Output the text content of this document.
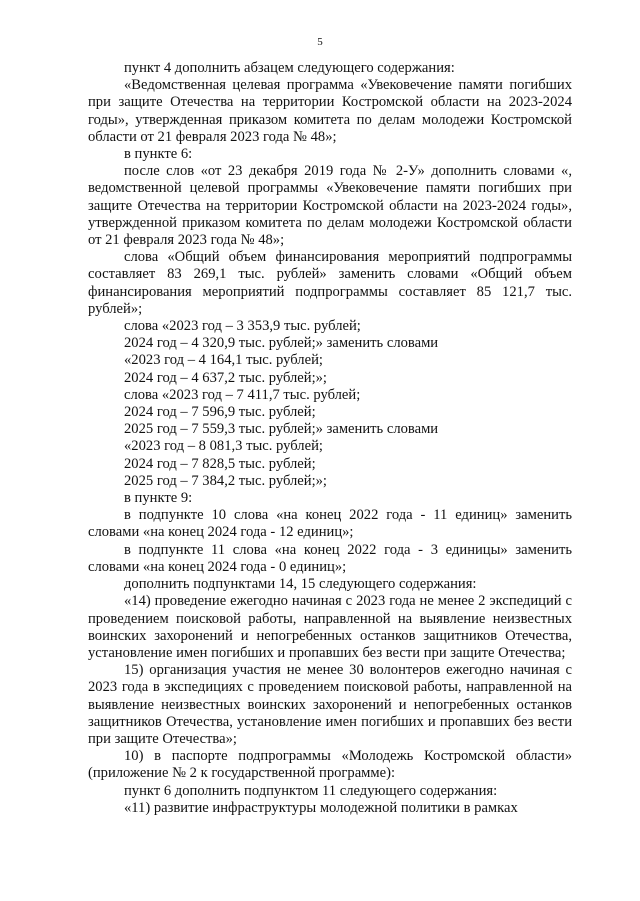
5

пункт 4 дополнить абзацем следующего содержания:

«Ведомственная целевая программа «Увековечение памяти погибших при защите Отечества на территории Костромской области на 2023-2024 годы», утвержденная приказом комитета по делам молодежи Костромской области от 21 февраля 2023 года № 48»;

в пункте 6:

после слов «от 23 декабря 2019 года № 2-У» дополнить словами «, ведомственной целевой программы «Увековечение памяти погибших при защите Отечества на территории Костромской области на 2023-2024 годы», утвержденной приказом комитета по делам молодежи Костромской области от 21 февраля 2023 года № 48»;

слова «Общий объем финансирования мероприятий подпрограммы составляет 83 269,1 тыс. рублей» заменить словами «Общий объем финансирования мероприятий подпрограммы составляет 85 121,7 тыс. рублей»;

слова «2023 год – 3 353,9 тыс. рублей;

2024 год – 4 320,9 тыс. рублей;» заменить словами

«2023 год – 4 164,1 тыс. рублей;

2024 год – 4 637,2 тыс. рублей;»;

слова «2023 год – 7 411,7 тыс. рублей;

2024 год – 7 596,9 тыс. рублей;

2025 год – 7 559,3 тыс. рублей;» заменить словами

«2023 год – 8 081,3 тыс. рублей;

2024 год – 7 828,5 тыс. рублей;

2025 год – 7 384,2 тыс. рублей;»;

в пункте 9:

в подпункте 10 слова «на конец 2022 года - 11 единиц» заменить словами «на конец 2024 года - 12 единиц»;

в подпункте 11 слова «на конец 2022 года - 3 единицы» заменить словами «на конец 2024 года - 0 единиц»;

дополнить подпунктами 14, 15 следующего содержания:

«14) проведение ежегодно начиная с 2023 года не менее 2 экспедиций с проведением поисковой работы, направленной на выявление неизвестных воинских захоронений и непогребенных останков защитников Отечества, установление имен погибших и пропавших без вести при защите Отечества;

15) организация участия не менее 30 волонтеров ежегодно начиная с 2023 года в экспедициях с проведением поисковой работы, направленной на выявление неизвестных воинских захоронений и непогребенных останков защитников Отечества, установление имен погибших и пропавших без вести при защите Отечества»;

10) в паспорте подпрограммы «Молодежь Костромской области» (приложение № 2 к государственной программе):

пункт 6 дополнить подпунктом 11 следующего содержания:

«11) развитие инфраструктуры молодежной политики в рамках
